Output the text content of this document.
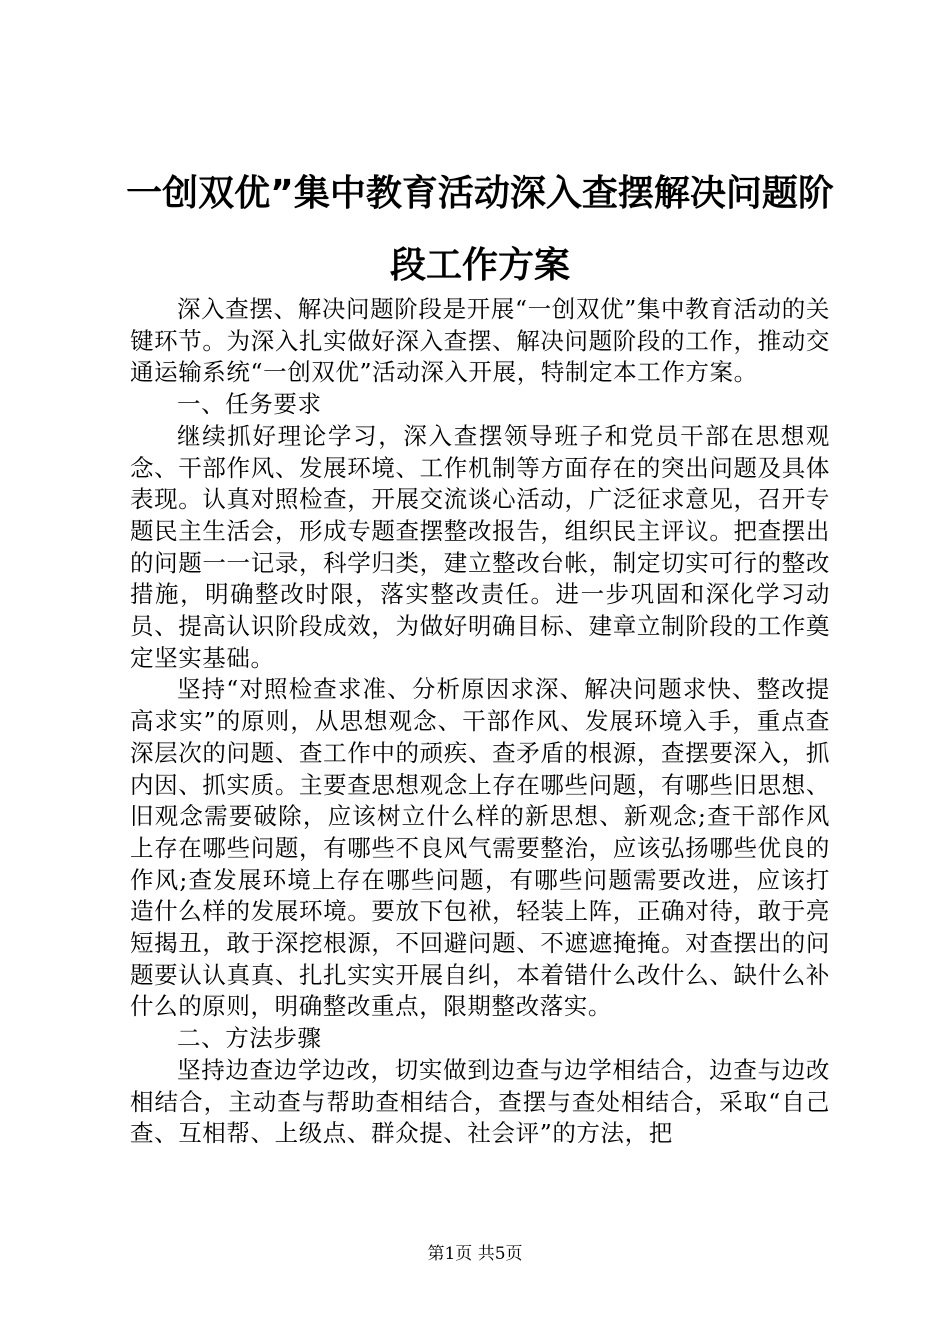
一创双优”集中教育活动深入查摆解决问题阶段工作方案

深入查摆、解决问题阶段是开展“一创双优”集中教育活动的关键环节。为深入扎实做好深入查摆、解决问题阶段的工作，推动交通运输系统“一创双优”活动深入开展，特制定本工作方案。

一、任务要求

继续抓好理论学习，深入查摆领导班子和党员干部在思想观念、干部作风、发展环境、工作机制等方面存在的突出问题及具体表现。认真对照检查，开展交流谈心活动，广泛征求意见，召开专题民主生活会，形成专题查摆整改报告，组织民主评议。把查摆出的问题一一记录，科学归类，建立整改台帐，制定切实可行的整改措施，明确整改时限，落实整改责任。进一步巩固和深化学习动员、提高认识阶段成效，为做好明确目标、建章立制阶段的工作奠定坚实基础。

坚持“对照检查求准、分析原因求深、解决问题求快、整改提高求实”的原则，从思想观念、干部作风、发展环境入手，重点查深层次的问题、查工作中的顽疾、查矛盾的根源，查摆要深入，抓内因、抓实质。主要查思想观念上存在哪些问题，有哪些旧思想、旧观念需要破除，应该树立什么样的新思想、新观念;查干部作风上存在哪些问题，有哪些不良风气需要整治，应该弘扬哪些优良的作风;查发展环境上存在哪些问题，有哪些问题需要改进，应该打造什么样的发展环境。要放下包袱，轻装上阵，正确对待，敢于亮短揭丑，敢于深挖根源，不回避问题、不遮遮掩掩。对查摆出的问题要认认真真、扎扎实实开展自纠，本着错什么改什么、缺什么补什么的原则，明确整改重点，限期整改落实。

二、方法步骤

坚持边查边学边改，切实做到边查与边学相结合，边查与边改相结合，主动查与帮助查相结合，查摆与查处相结合，采取“自己查、互相帮、上级点、群众提、社会评”的方法，把

第1页 共5页
